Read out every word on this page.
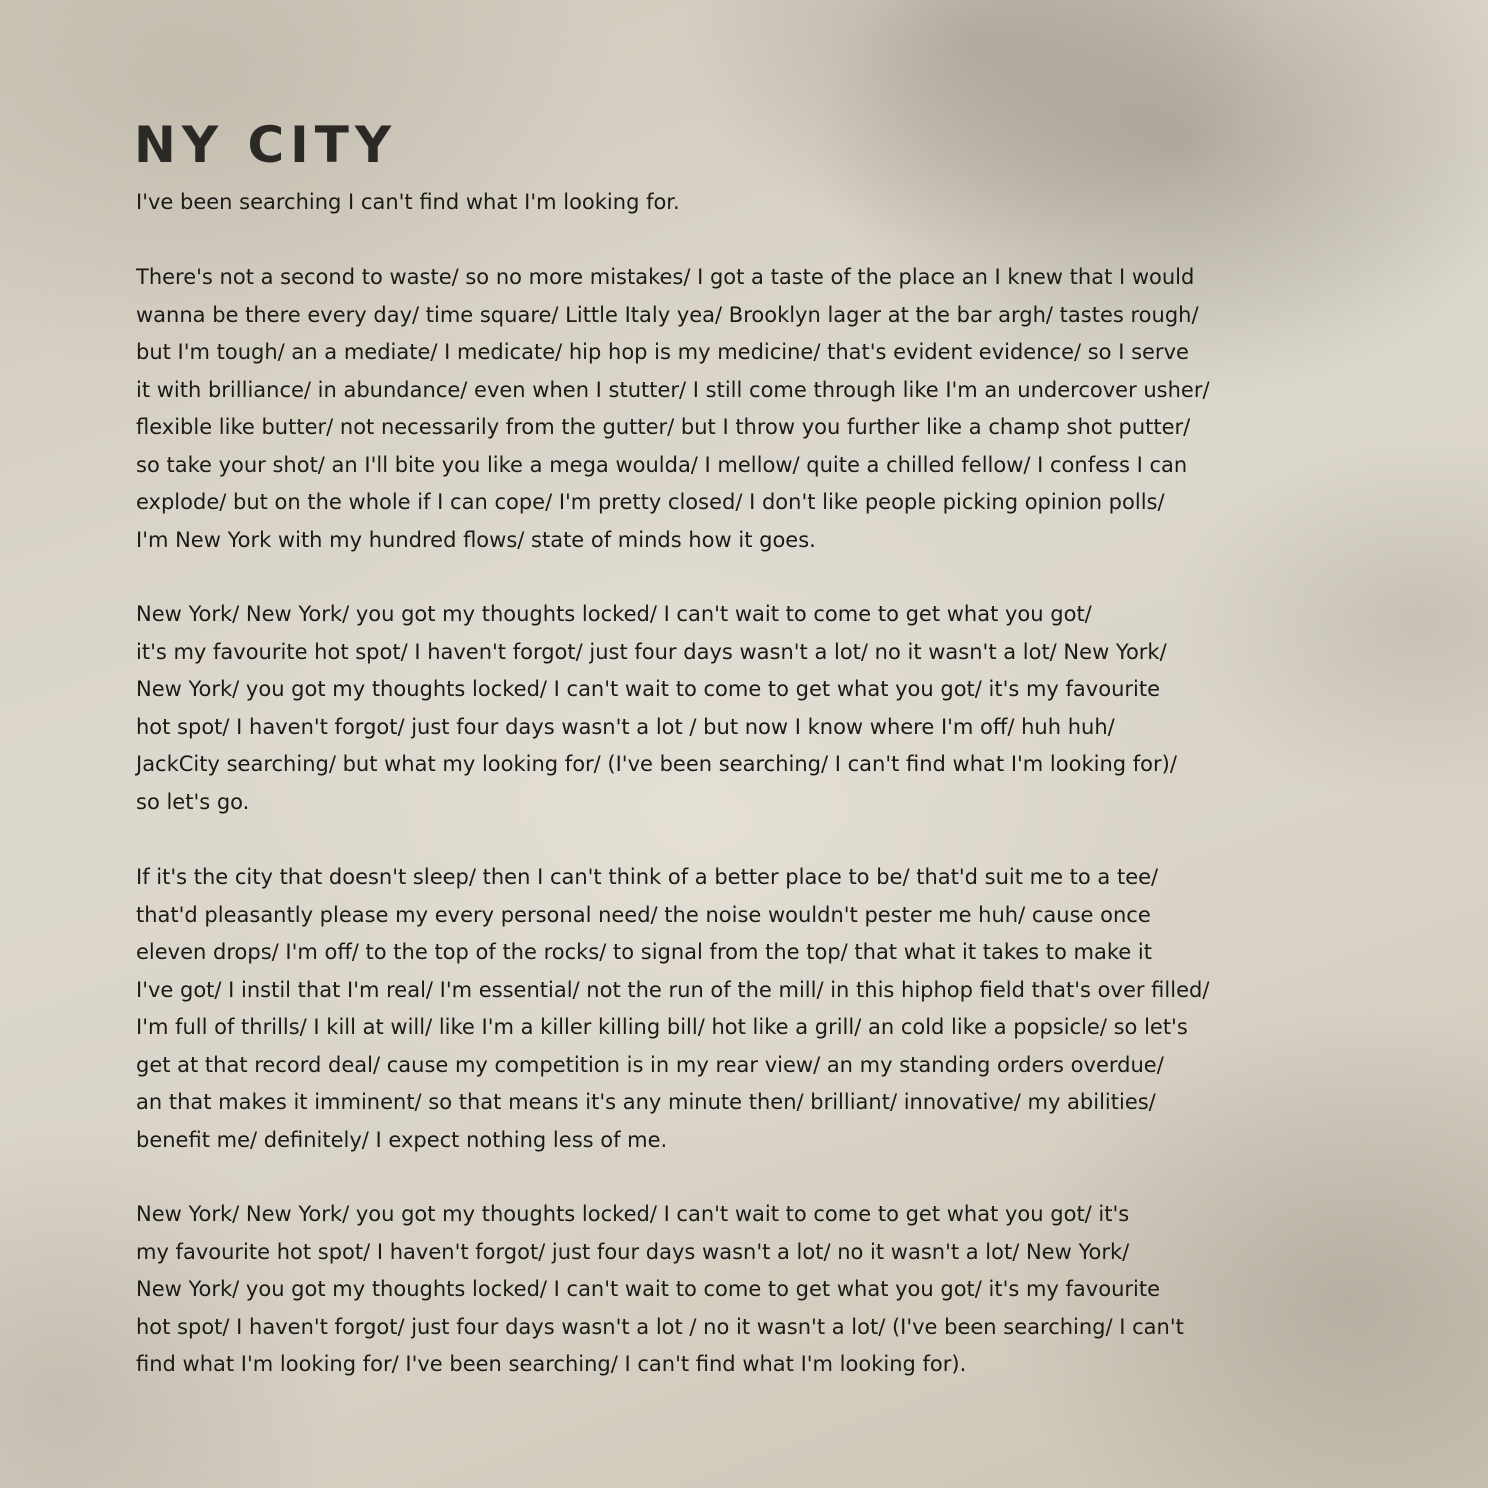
NY CITY

I've been searching I can't find what I'm looking for.

There's not a second to waste/ so no more mistakes/ I got a taste of the place an I knew that I would
wanna be there every day/ time square/ Little Italy yea/ Brooklyn lager at the bar argh/ tastes rough/
but I'm tough/ an a mediate/ I medicate/ hip hop is my medicine/ that's evident evidence/ so I serve
it with brilliance/ in abundance/ even when I stutter/ I still come through like I'm an undercover usher/
flexible like butter/ not necessarily from the gutter/ but I throw you further like a champ shot putter/
so take your shot/ an I'll bite you like a mega woulda/ I mellow/ quite a chilled fellow/ I confess I can
explode/ but on the whole if I can cope/ I'm pretty closed/ I don't like people picking opinion polls/
I'm New York with my hundred flows/ state of minds how it goes.
New York/ New York/ you got my thoughts locked/ I can't wait to come to get what you got/
it's my favourite hot spot/ I haven't forgot/ just four days wasn't a lot/ no it wasn't a lot/ New York/
New York/ you got my thoughts locked/ I can't wait to come to get what you got/ it's my favourite
hot spot/ I haven't forgot/ just four days wasn't a lot / but now I know where I'm off/ huh huh/
JackCity searching/ but what my looking for/ (I've been searching/ I can't find what I'm looking for)/
so let's go.
If it's the city that doesn't sleep/ then I can't think of a better place to be/ that'd suit me to a tee/
that'd pleasantly please my every personal need/ the noise wouldn't pester me huh/ cause once
eleven drops/ I'm off/ to the top of the rocks/ to signal from the top/ that what it takes to make it
I've got/ I instil that I'm real/ I'm essential/ not the run of the mill/ in this hiphop field that's over filled/
I'm full of thrills/ I kill at will/ like I'm a killer killing bill/ hot like a grill/ an cold like a popsicle/ so let's
get at that record deal/ cause my competition is in my rear view/ an my standing orders overdue/
an that makes it imminent/ so that means it's any minute then/ brilliant/ innovative/ my abilities/
benefit me/ definitely/ I expect nothing less of me.
New York/ New York/ you got my thoughts locked/ I can't wait to come to get what you got/ it's
my favourite hot spot/ I haven't forgot/ just four days wasn't a lot/ no it wasn't a lot/ New York/
New York/ you got my thoughts locked/ I can't wait to come to get what you got/ it's my favourite
hot spot/ I haven't forgot/ just four days wasn't a lot / no it wasn't a lot/ (I've been searching/ I can't
find what I'm looking for/ I've been searching/ I can't find what I'm looking for).
